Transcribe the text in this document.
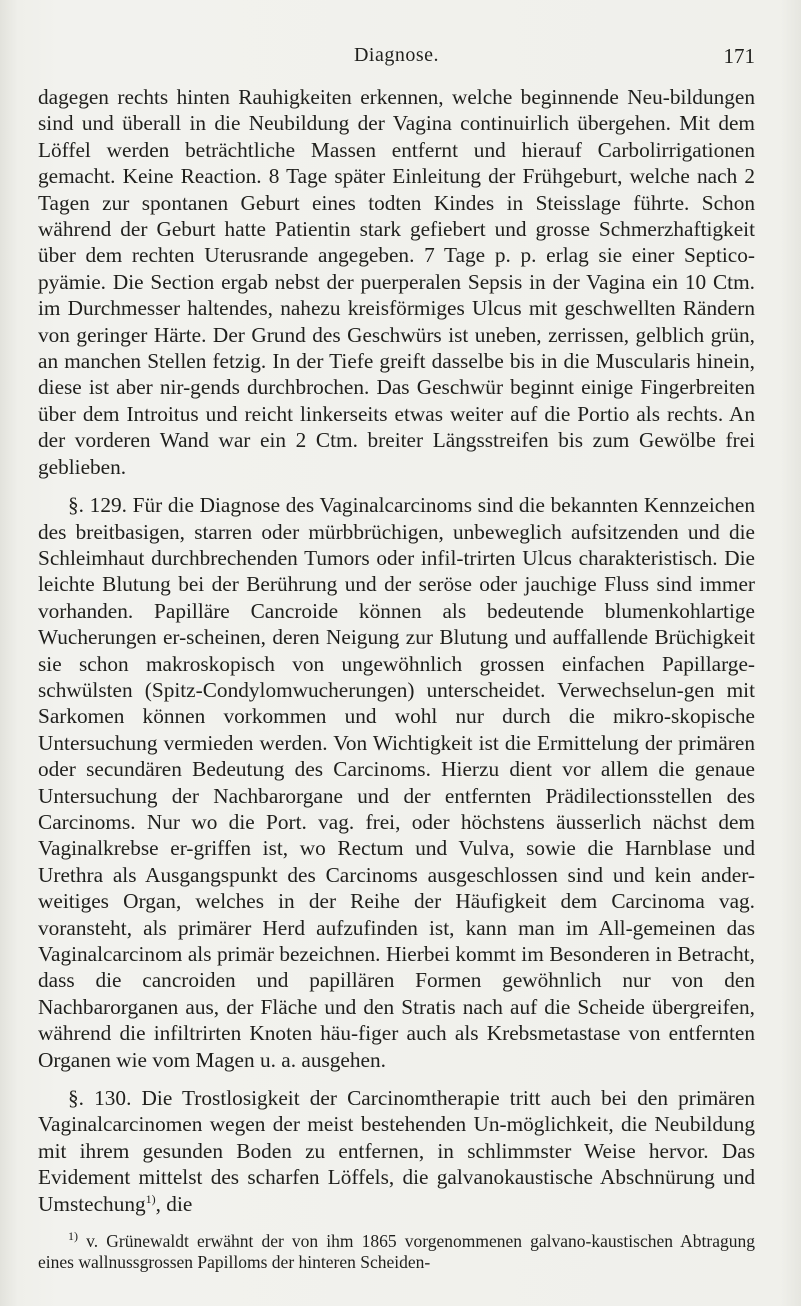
Diagnose.	171

dagegen rechts hinten Rauhigkeiten erkennen, welche beginnende Neu-bildungen sind und überall in die Neubildung der Vagina continuirlich übergehen. Mit dem Löffel werden beträchtliche Massen entfernt und hierauf Carbolirrigationen gemacht. Keine Reaction. 8 Tage später Einleitung der Frühgeburt, welche nach 2 Tagen zur spontanen Geburt eines todten Kindes in Steisslage führte. Schon während der Geburt hatte Patientin stark gefiebert und grosse Schmerzhaftigkeit über dem rechten Uterusrande angegeben. 7 Tage p. p. erlag sie einer Septico-pyämie. Die Section ergab nebst der puerperalen Sepsis in der Vagina ein 10 Ctm. im Durchmesser haltendes, nahezu kreisförmiges Ulcus mit geschwellten Rändern von geringer Härte. Der Grund des Geschwürs ist uneben, zerrissen, gelblich grün, an manchen Stellen fetzig. In der Tiefe greift dasselbe bis in die Muscularis hinein, diese ist aber nir-gends durchbrochen. Das Geschwür beginnt einige Fingerbreiten über dem Introitus und reicht linkerseits etwas weiter auf die Portio als rechts. An der vorderen Wand war ein 2 Ctm. breiter Längsstreifen bis zum Gewölbe frei geblieben.

§. 129. Für die Diagnose des Vaginalcarcinoms sind die bekannten Kennzeichen des breitbasigen, starren oder mürbbrüchigen, unbeweglich aufsitzenden und die Schleimhaut durchbrechenden Tumors oder infil-trirten Ulcus charakteristisch. Die leichte Blutung bei der Berührung und der seröse oder jauchige Fluss sind immer vorhanden. Papilläre Cancroide können als bedeutende blumenkohlartige Wucherungen er-scheinen, deren Neigung zur Blutung und auffallende Brüchigkeit sie schon makroskopisch von ungewöhnlich grossen einfachen Papillarge-schwülsten (Spitz-Condylomwucherungen) unterscheidet. Verwechselun-gen mit Sarkomen können vorkommen und wohl nur durch die mikro-skopische Untersuchung vermieden werden. Von Wichtigkeit ist die Ermittelung der primären oder secundären Bedeutung des Carcinoms. Hierzu dient vor allem die genaue Untersuchung der Nachbarorgane und der entfernten Prädilectionsstellen des Carcinoms. Nur wo die Port. vag. frei, oder höchstens äusserlich nächst dem Vaginalkrebse er-griffen ist, wo Rectum und Vulva, sowie die Harnblase und Urethra als Ausgangspunkt des Carcinoms ausgeschlossen sind und kein ander-weitiges Organ, welches in der Reihe der Häufigkeit dem Carcinoma vag. voransteht, als primärer Herd aufzufinden ist, kann man im All-gemeinen das Vaginalcarcinom als primär bezeichnen. Hierbei kommt im Besonderen in Betracht, dass die cancroiden und papillären Formen gewöhnlich nur von den Nachbarorganen aus, der Fläche und den Stratis nach auf die Scheide übergreifen, während die infiltrirten Knoten häu-figer auch als Krebsmetastase von entfernten Organen wie vom Magen u. a. ausgehen.

§. 130. Die Trostlosigkeit der Carcinomtherapie tritt auch bei den primären Vaginalcarcinomen wegen der meist bestehenden Un-möglichkeit, die Neubildung mit ihrem gesunden Boden zu entfernen, in schlimmster Weise hervor. Das Evidement mittelst des scharfen Löffels, die galvanokaustische Abschnürung und Umstechung$^{1)}$, die

$^{1)}$ v. Grünewaldt erwähnt der von ihm 1865 vorgenommenen galvano-kaustischen Abtragung eines wallnussgrossen Papilloms der hinteren Scheiden-
